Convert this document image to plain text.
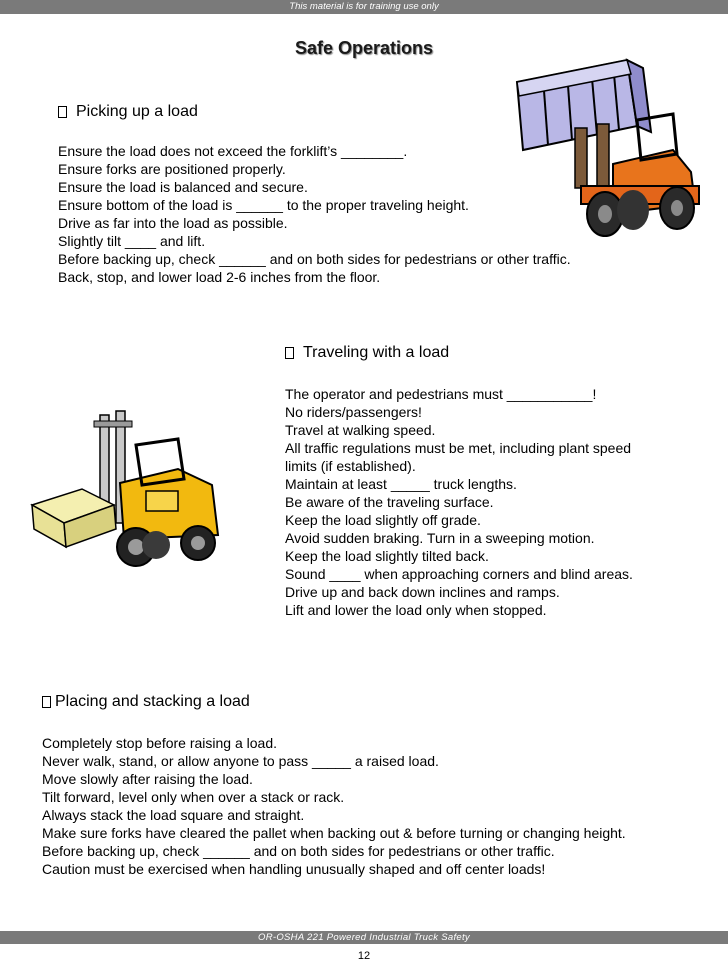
This material is for training use only
Safe Operations
Picking up a load
Ensure the load does not exceed the forklift’s ________.
Ensure forks are positioned properly.
Ensure the load is balanced and secure.
Ensure bottom of the load is ______ to the proper traveling height.
Drive as far into the load as possible.
Slightly tilt ____ and lift.
Before backing up, check ______ and on both sides for pedestrians or other traffic.
Back, stop, and lower load 2-6 inches from the floor.
Traveling with a load
The operator and pedestrians must ___________!
No riders/passengers!
Travel at walking speed.
All traffic regulations must be met, including plant speed
limits (if established).
Maintain at least _____ truck lengths.
Be aware of the traveling surface.
Keep the load slightly off grade.
Avoid sudden braking. Turn in a sweeping motion.
Keep the load slightly tilted back.
Sound ____ when approaching corners and blind areas.
Drive up and back down inclines and ramps.
Lift and lower the load only when stopped.
Placing and stacking a load
Completely stop before raising a load.
Never walk, stand, or allow anyone to pass _____ a raised load.
Move slowly after raising the load.
Tilt forward, level only when over a stack or rack.
Always stack the load square and straight.
Make sure forks have cleared the pallet when backing out & before turning or changing height.
Before backing up, check ______ and on both sides for pedestrians or other traffic.
Caution must be exercised when handling unusually shaped and off center loads!
OR-OSHA 221 Powered Industrial Truck Safety
12
